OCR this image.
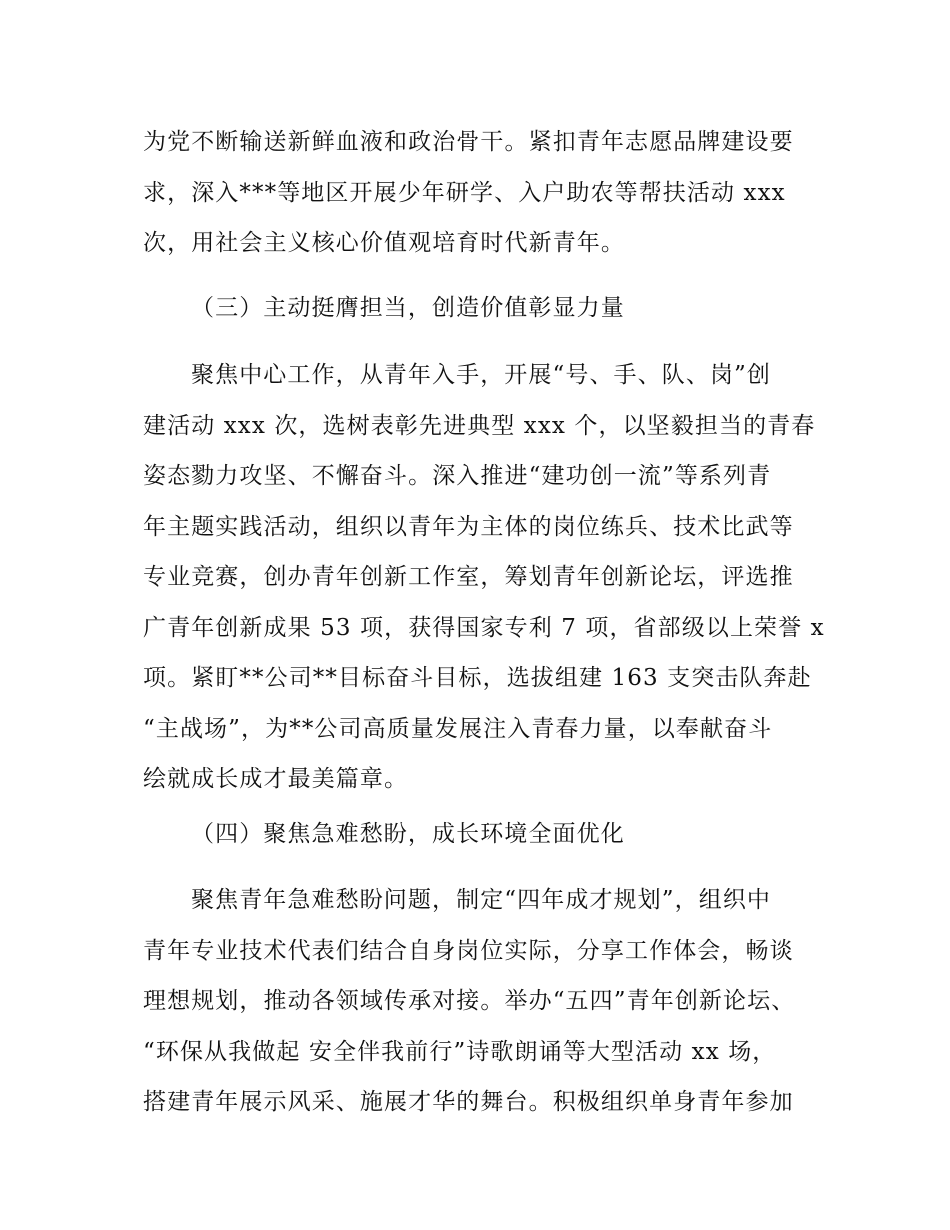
为党不断输送新鲜血液和政治骨干。紧扣青年志愿品牌建设要
求，深入***等地区开展少年研学、入户助农等帮扶活动 xxx
次，用社会主义核心价值观培育时代新青年。
（三）主动挺膺担当，创造价值彰显力量
聚焦中心工作，从青年入手，开展“号、手、队、岗”创
建活动 xxx 次，选树表彰先进典型 xxx 个，以坚毅担当的青春
姿态勠力攻坚、不懈奋斗。深入推进“建功创一流”等系列青
年主题实践活动，组织以青年为主体的岗位练兵、技术比武等
专业竞赛，创办青年创新工作室，筹划青年创新论坛，评选推
广青年创新成果 53 项，获得国家专利 7 项，省部级以上荣誉 x
项。紧盯**公司**目标奋斗目标，选拔组建 163 支突击队奔赴
“主战场”，为**公司高质量发展注入青春力量，以奉献奋斗
绘就成长成才最美篇章。
（四）聚焦急难愁盼，成长环境全面优化
聚焦青年急难愁盼问题，制定“四年成才规划”，组织中
青年专业技术代表们结合自身岗位实际，分享工作体会，畅谈
理想规划，推动各领域传承对接。举办“五四”青年创新论坛、
“环保从我做起 安全伴我前行”诗歌朗诵等大型活动 xx 场，
搭建青年展示风采、施展才华的舞台。积极组织单身青年参加
